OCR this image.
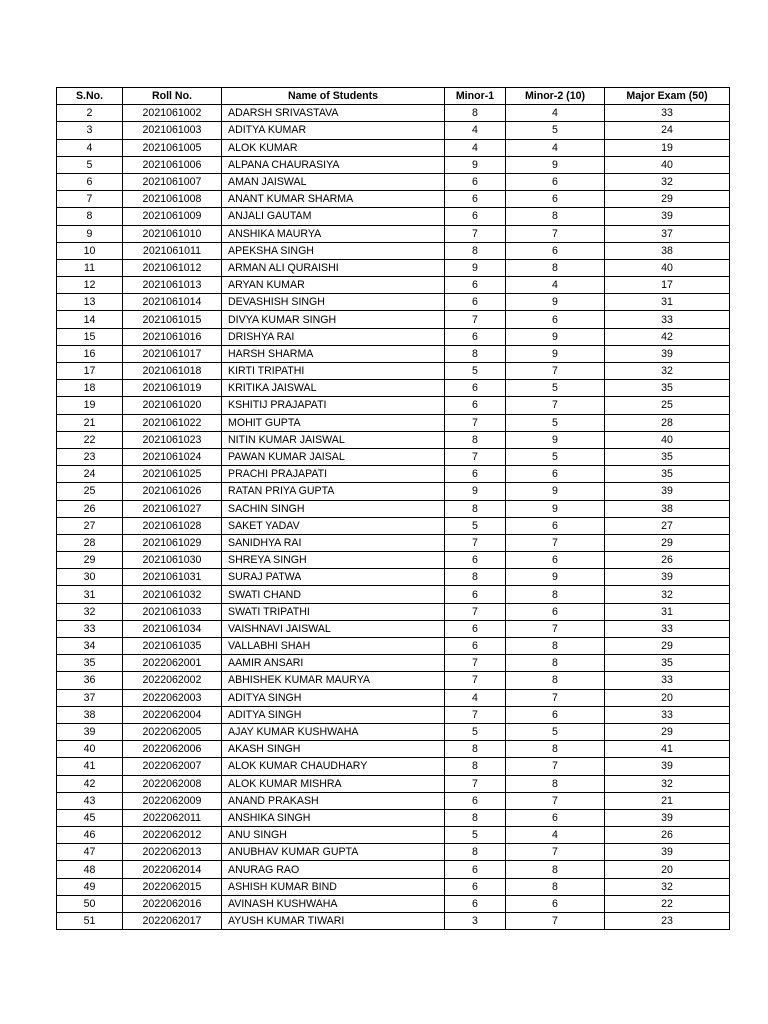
S.No.	Roll No.	Name of Students	Minor-1	Minor-2 (10)	Major Exam (50)
2	2021061002	ADARSH SRIVASTAVA	8	4	33
3	2021061003	ADITYA KUMAR	4	5	24
4	2021061005	ALOK KUMAR	4	4	19
5	2021061006	ALPANA CHAURASIYA	9	9	40
6	2021061007	AMAN JAISWAL	6	6	32
7	2021061008	ANANT KUMAR SHARMA	6	6	29
8	2021061009	ANJALI GAUTAM	6	8	39
9	2021061010	ANSHIKA MAURYA	7	7	37
10	2021061011	APEKSHA SINGH	8	6	38
11	2021061012	ARMAN ALI QURAISHI	9	8	40
12	2021061013	ARYAN KUMAR	6	4	17
13	2021061014	DEVASHISH SINGH	6	9	31
14	2021061015	DIVYA KUMAR SINGH	7	6	33
15	2021061016	DRISHYA RAI	6	9	42
16	2021061017	HARSH SHARMA	8	9	39
17	2021061018	KIRTI TRIPATHI	5	7	32
18	2021061019	KRITIKA JAISWAL	6	5	35
19	2021061020	KSHITIJ PRAJAPATI	6	7	25
21	2021061022	MOHIT GUPTA	7	5	28
22	2021061023	NITIN KUMAR JAISWAL	8	9	40
23	2021061024	PAWAN KUMAR JAISAL	7	5	35
24	2021061025	PRACHI PRAJAPATI	6	6	35
25	2021061026	RATAN PRIYA GUPTA	9	9	39
26	2021061027	SACHIN SINGH	8	9	38
27	2021061028	SAKET YADAV	5	6	27
28	2021061029	SANIDHYA RAI	7	7	29
29	2021061030	SHREYA SINGH	6	6	26
30	2021061031	SURAJ PATWA	8	9	39
31	2021061032	SWATI CHAND	6	8	32
32	2021061033	SWATI TRIPATHI	7	6	31
33	2021061034	VAISHNAVI JAISWAL	6	7	33
34	2021061035	VALLABHI SHAH	6	8	29
35	2022062001	AAMIR ANSARI	7	8	35
36	2022062002	ABHISHEK KUMAR MAURYA	7	8	33
37	2022062003	ADITYA SINGH	4	7	20
38	2022062004	ADITYA SINGH	7	6	33
39	2022062005	AJAY KUMAR KUSHWAHA	5	5	29
40	2022062006	AKASH SINGH	8	8	41
41	2022062007	ALOK KUMAR CHAUDHARY	8	7	39
42	2022062008	ALOK KUMAR MISHRA	7	8	32
43	2022062009	ANAND PRAKASH	6	7	21
45	2022062011	ANSHIKA SINGH	8	6	39
46	2022062012	ANU SINGH	5	4	26
47	2022062013	ANUBHAV KUMAR GUPTA	8	7	39
48	2022062014	ANURAG RAO	6	8	20
49	2022062015	ASHISH KUMAR BIND	6	8	32
50	2022062016	AVINASH KUSHWAHA	6	6	22
51	2022062017	AYUSH KUMAR TIWARI	3	7	23
